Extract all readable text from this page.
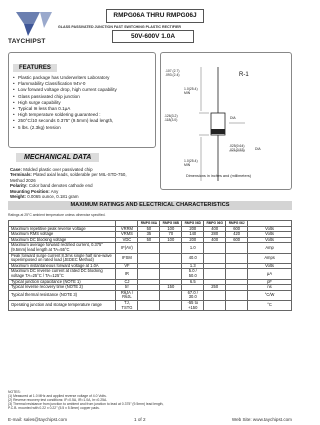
TAYCHIPST
RMPG06A THRU RMPG06J
GLASS PASSIVATED JUNCTION FAST SWITCHING PLASTIC RECTIFIER
50V-600V 1.0A
FEATURES
• Plastic package has Underwriters Laboratory
• Flammability Classification 94V-0
• Low forward voltage drop, high current capability
• Glass passivated chip junction
• High surge capability
• Typical Iʀ less than 0.1μA
• High temperature soldering guaranteed :
• 250°C/10 seconds 0.375" (9.5mm) lead length,
• 5 lbs. (2.3kg) tension
R-1
.107 (2.7)
.093 (2.4)
1.0(25.4)
MIN
.126(3.2)
.118(3.0)	DIA
.025(0.64)
.021(0.53)	DIA
1.0(25.4)
MIN
Dimensions in inches and (millimeters)
MECHANICAL DATA
Case: Molded plastic over passivated chip
Terminals: Plated axial leads, solderable per MIL-STD-750,
Method 2026
Polarity: Color band denotes cathode end
Mounting Position: Any
Weight: 0.0065 ounce, 0.181 gram
MAXIMUM RATINGS AND ELECTRICAL CHARACTERISTICS
Ratings at 25°C ambient temperature unless otherwise specified.
		RMPG 06A	RMPG 06B	RMPG 06D	RMPG 06G	RMPG 06J	
Maximum repetitive peak reverse voltage	VRRM	50	100	200	400	600	Volts
Maximum RMS voltage	VRMS	35	70	140	280	420	Volts
Maximum DC blocking voltage	VDC	50	100	200	400	600	Volts
Maximum average forward rectified current, 0.375" (9.5mm) lead length at TA=55°C	IF(AV)			1.0			Amp
Peak forward surge current 8.3ms single half sine-wave superimposed on rated load (JEDEC Method)	IFSM			40.0			Amps
Maximum instantaneous forward voltage at 1.0A	VF			1.3			Volts
Maximum DC reverse current at rated DC blocking voltage TA=25°C / TA=125°C	IR			5.0 / 50.0			μA
Typical junction capacitance (NOTE 1)	CJ			6.5			pF
Typical reverse recovery time (NOTE 2)	trr		150		250		ns
Typical thermal resistance (NOTE 3)	RθJA / RθJL			67.0 / 30.0			°C/W
Operating junction and storage temperature range	TJ, TSTG			-55 to +150			°C
NOTES:
(1) Measured at 1.0 MHz and applied reverse voltage of 4.0 Volts.
(2) Reverse recovery test conditions: IF=0.5A, IR=1.0A, Irr=0.25A.
(3) Thermal resistance from junction to ambient and from junction to lead at 0.375" (9.5mm) lead length,
P.C.B. mounted with 0.22 x 0.22" (5.5 x 5.5mm) copper pads.
E-mail: sales@taychipst.com	1 of 2	Web Site: www.taychipst.com
